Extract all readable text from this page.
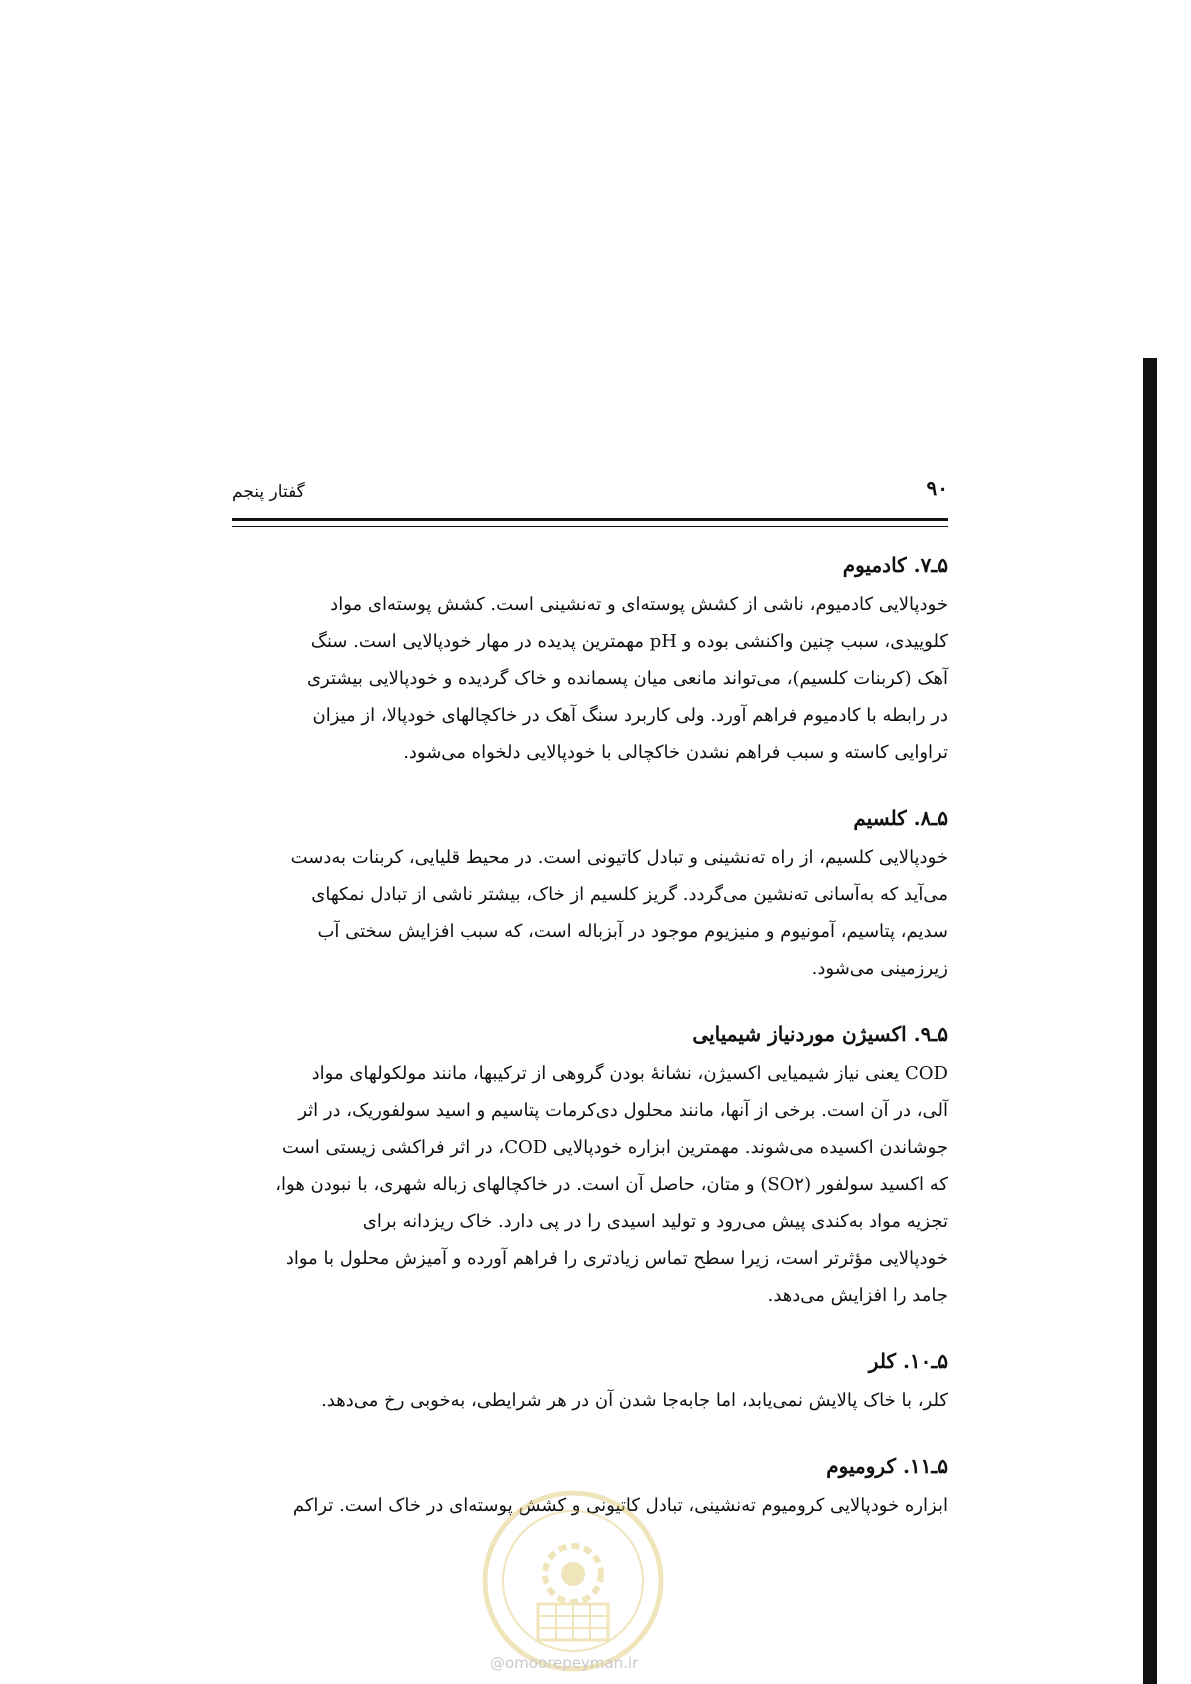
۹۰
گفتار پنجم
۵ـ۷. کادمیوم

خودپالایی کادمیوم، ناشی از کشش پوسته‌ای و ته‌نشینی است. کشش پوسته‌ای مواد

کلوییدی، سبب چنین واکنشی بوده و pH مهمترین پدیده در مهار خودپالایی است. سنگ

آهک (کربنات کلسیم)، می‌تواند مانعی میان پسمانده و خاک گردیده و خودپالایی بیشتری

در رابطه با کادمیوم فراهم آورد. ولی کاربرد سنگ آهک در خاکچالهای خودپالا، از میزان

تراوایی کاسته و سبب فراهم نشدن خاکچالی با خودپالایی دلخواه می‌شود.

۵ـ۸. کلسیم

خودپالایی کلسیم، از راه ته‌نشینی و تبادل کاتیونی است. در محیط قلیایی، کربنات به‌دست

می‌آید که به‌آسانی ته‌نشین می‌گردد. گریز کلسیم از خاک، بیشتر ناشی از تبادل نمکهای

سدیم، پتاسیم، آمونیوم و منیزیوم موجود در آبزباله است، که سبب افزایش سختی آب

زیرزمینی می‌شود.

۵ـ۹. اکسیژن موردنیاز شیمیایی

COD یعنی نیاز شیمیایی اکسیژن، نشانهٔ بودن گروهی از ترکیبها، مانند مولکولهای مواد

آلی، در آن است. برخی از آنها، مانند محلول دی‌کرمات پتاسیم و اسید سولفوریک، در اثر

جوشاندن اکسیده می‌شوند. مهمترین ابزاره خودپالایی COD، در اثر فراکشی زیستی است

که اکسید سولفور (SO۲) و متان، حاصل آن است. در خاکچالهای زباله شهری، با نبودن هوا،

تجزیه مواد به‌کندی پیش می‌رود و تولید اسیدی را در پی دارد. خاک ریزدانه برای

خودپالایی مؤثرتر است، زیرا سطح تماس زیادتری را فراهم آورده و آمیزش محلول با مواد

جامد را افزایش می‌دهد.

۵ـ۱۰. کلر

کلر، با خاک پالایش نمی‌یابد، اما جابه‌جا شدن آن در هر شرایطی، به‌خوبی رخ می‌دهد.

۵ـ۱۱. کرومیوم

ابزاره خودپالایی کرومیوم ته‌نشینی، تبادل کاتیونی و کشش پوسته‌ای در خاک است. تراکم

@omoorepeyman.ir
